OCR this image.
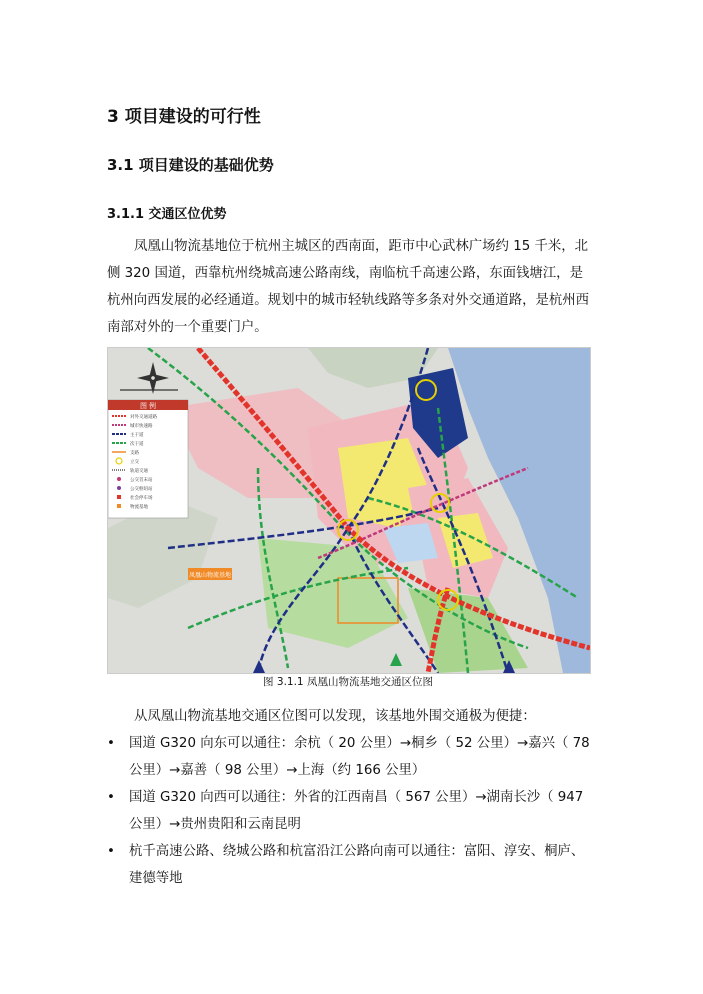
3 项目建设的可行性
3.1 项目建设的基础优势
3.1.1 交通区位优势
凤凰山物流基地位于杭州主城区的西南面，距市中心武林广场约 15 千米，北侧 320 国道，西靠杭州绕城高速公路南线，南临杭千高速公路，东面钱塘江，是杭州向西发展的必经通道。规划中的城市轻轨线路等多条对外交通道路，是杭州西南部对外的一个重要门户。
图 例
对外交通道路
城市快速路
主干道
次干道
支路
立交
轨道交通
公交首末站
公交枢纽站
社会停车场
物流基地
凤凰山物流基地
图 3.1.1 凤凰山物流基地交通区位图
从凤凰山物流基地交通区位图可以发现，该基地外围交通极为便捷：
• 国道 G320 向东可以通往：余杭（ 20 公里）→桐乡（ 52 公里）→嘉兴（ 78 公里）→嘉善（ 98 公里）→上海（约 166 公里）
• 国道 G320 向西可以通往：外省的江西南昌（ 567 公里）→湖南长沙（ 947 公里）→贵州贵阳和云南昆明
• 杭千高速公路、绕城公路和杭富沿江公路向南可以通往：富阳、淳安、桐庐、建德等地
